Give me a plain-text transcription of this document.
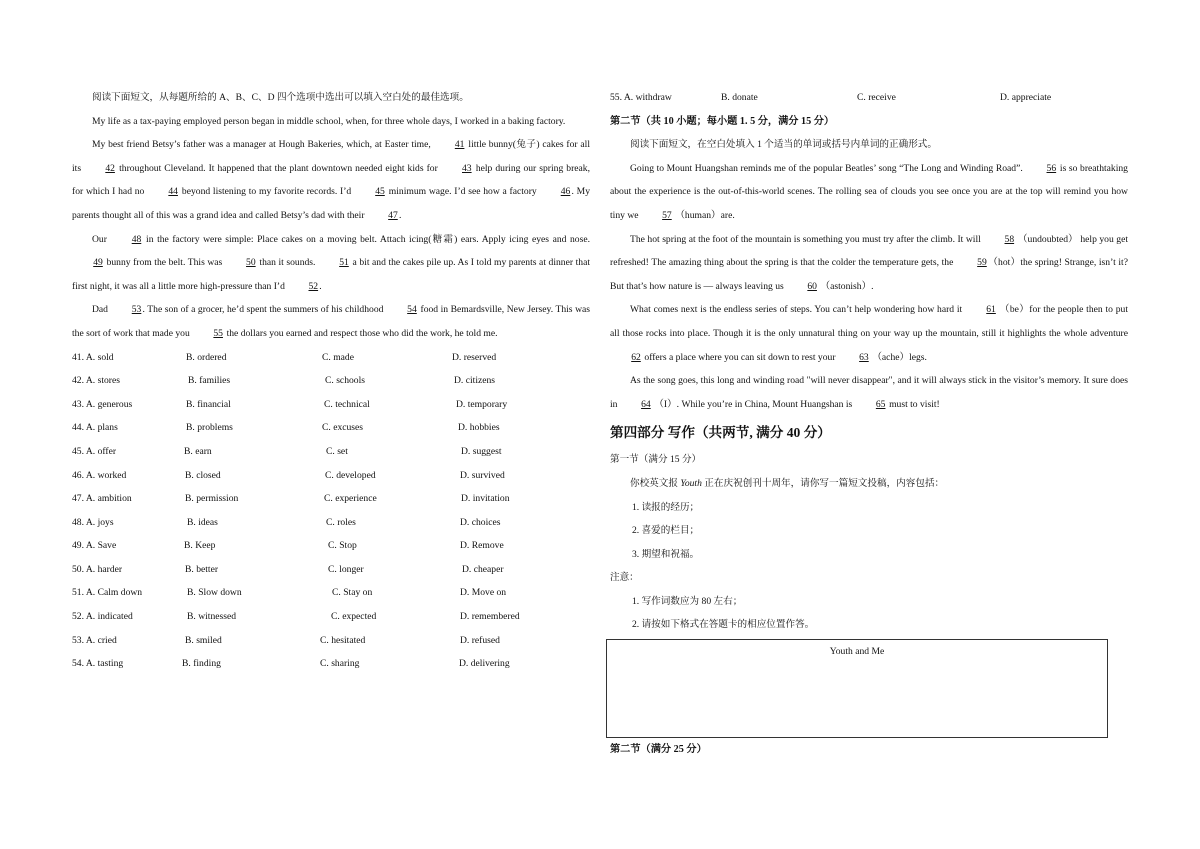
阅读下面短文，从每题所给的 A、B、C、D 四个选项中选出可以填入空白处的最佳选项。

My life as a tax-paying employed person began in middle school, when, for three whole days, I worked in a baking factory.

My best friend Betsy’s father was a manager at Hough Bakeries, which, at Easter time,	41 little bunny(兔子) cakes for all its	42 throughout Cleveland. It happened that the plant downtown needed eight kids for	43 help during our spring break, for which I had no 44 beyond listening to my favorite records. I’d 45 minimum wage. I’d see how a factory 46. My parents thought all of this was a grand idea and called Betsy’s dad with their 47.

Our	48 in the factory were simple: Place cakes on a moving belt. Attach icing(糖霜) ears. Apply icing eyes and nose. 49 bunny from the belt. This was 50 than it sounds. 51 a bit and the cakes pile up. As I told my parents at dinner that first night, it was all a little more high-pressure than I’d 52.

Dad 53. The son of a grocer, he’d spent the summers of his childhood 54 food in Bemardsville, New Jersey. This was the sort of work that made you 55 the dollars you earned and respect those who did the work, he told me.

41. A. sold	B. ordered	C. made	D. reserved
42. A. stores	B. families	C. schools	D. citizens
43. A. generous	B. financial	C. technical	D. temporary
44. A. plans	B. problems	C. excuses	D. hobbies
45. A. offer	B. earn	C. set	D. suggest
46. A. worked	B. closed	C. developed	D. survived
47. A. ambition	B. permission	C. experience	D. invitation
48. A. joys	B. ideas	C. roles	D. choices
49. A. Save	B. Keep	C. Stop	D. Remove
50. A. harder	B. better	C. longer	D. cheaper
51. A. Calm down	B. Slow down	C. Stay on	D. Move on
52. A. indicated	B. witnessed	C. expected	D. remembered
53. A. cried	B. smiled	C. hesitated	D. refused
54. A. tasting	B. finding	C. sharing	D. delivering
55. A. withdraw	B. donate	C. receive	D. appreciate

第二节（共 10 小题；每小题 1. 5 分，满分 15 分）

阅读下面短文，在空白处填入 1 个适当的单词或括号内单词的正确形式。

Going to Mount Huangshan reminds me of the popular Beatles’ song “The Long and Winding Road”. 56 is so breathtaking about the experience is the out-of-this-world scenes. The rolling sea of clouds you see once you are at the top will remind you how tiny we 57 （human）are.

The hot spring at the foot of the mountain is something you must try after the climb. It will 58 （undoubted） help you get refreshed! The amazing thing about the spring is that the colder the temperature gets, the 59（hot）the spring! Strange, isn’t it? But that’s how nature is — always leaving us 60 （astonish）.

What comes next is the endless series of steps. You can’t help wondering how hard it	61 （be）for the people then to put all those rocks into place. Though it is the only unnatural thing on your way up the mountain, still it highlights the whole adventure 62 offers a place where you can sit down to rest your 63 （ache）legs.

As the song goes, this long and winding road "will never disappear", and it will always stick in the visitor’s memory. It sure does in 64 （I）. While you’re in China, Mount Huangshan is 65 must to visit!

第四部分 写作（共两节, 满分 40 分）

第一节（满分 15 分）

你校英文报 Youth 正在庆祝创刊十周年，请你写一篇短文投稿，内容包括：

1. 读报的经历；

2. 喜爱的栏目；

3. 期望和祝福。

注意：

1. 写作词数应为 80 左右；

2. 请按如下格式在答题卡的相应位置作答。

Youth and Me

第二节（满分 25 分）
